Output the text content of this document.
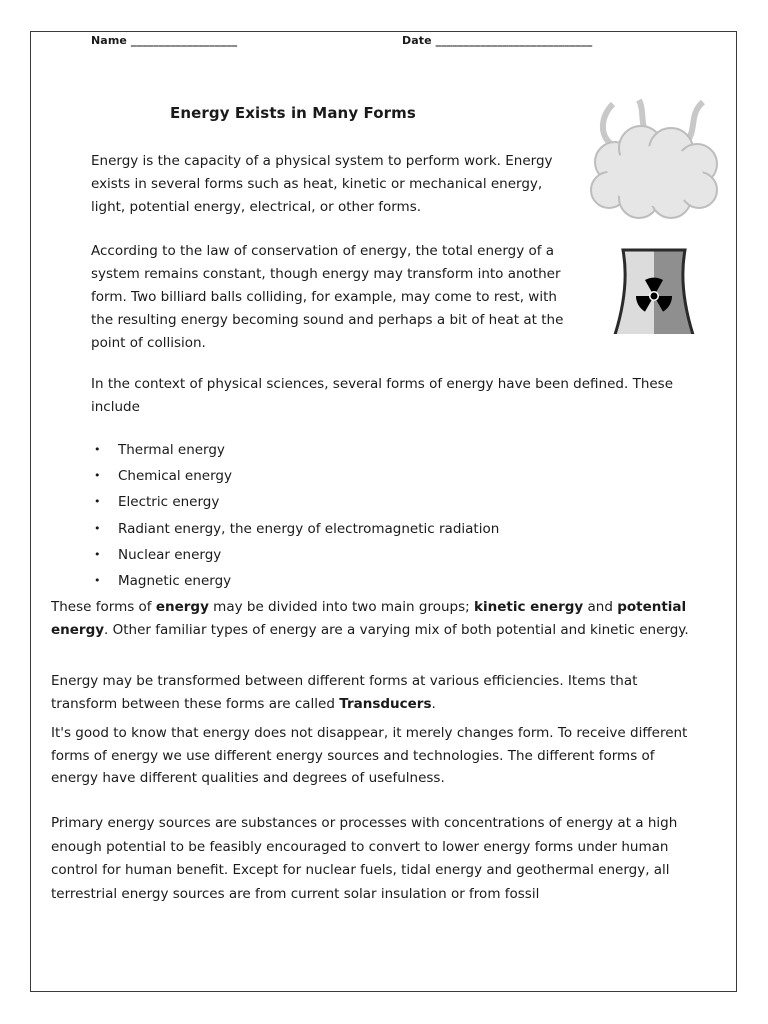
Name ___________________	Date ____________________________
Energy Exists in Many Forms

Energy is the capacity of a physical system to perform work. Energy exists in several forms such as heat, kinetic or mechanical energy, light, potential energy, electrical, or other forms.

According to the law of conservation of energy, the total energy of a system remains constant, though energy may transform into another form. Two billiard balls colliding, for example, may come to rest, with the resulting energy becoming sound and perhaps a bit of heat at the point of collision.

In the context of physical sciences, several forms of energy have been defined. These include

• Thermal energy
• Chemical energy
• Electric energy
• Radiant energy, the energy of electromagnetic radiation
• Nuclear energy
• Magnetic energy

These forms of energy may be divided into two main groups; kinetic energy and potential energy. Other familiar types of energy are a varying mix of both potential and kinetic energy.

Energy may be transformed between different forms at various efficiencies. Items that transform between these forms are called Transducers.

It's good to know that energy does not disappear, it merely changes form. To receive different forms of energy we use different energy sources and technologies. The different forms of energy have different qualities and degrees of usefulness.

Primary energy sources are substances or processes with concentrations of energy at a high enough potential to be feasibly encouraged to convert to lower energy forms under human control for human benefit. Except for nuclear fuels, tidal energy and geothermal energy, all terrestrial energy sources are from current solar insulation or from fossil
